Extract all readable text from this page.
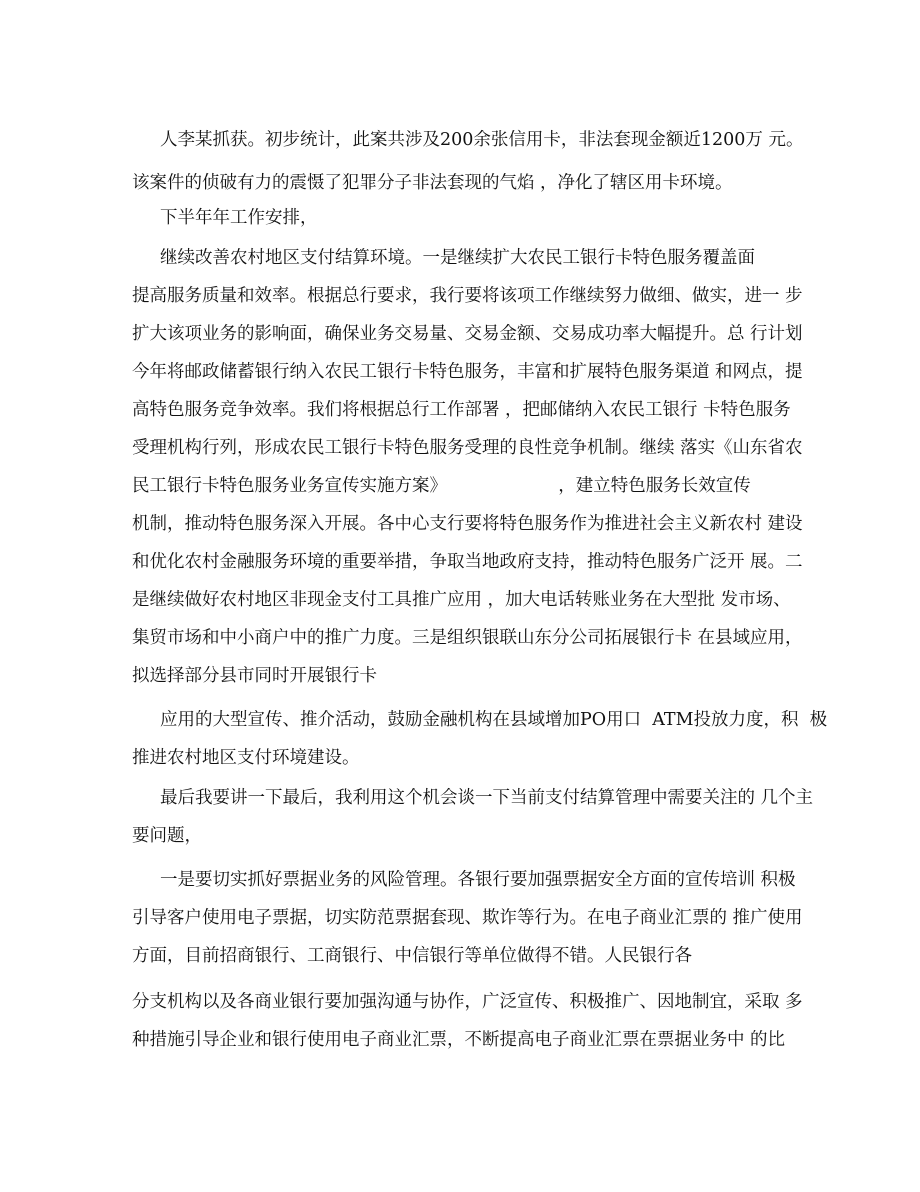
人李某抓获。初步统计，此案共涉及200余张信用卡，非法套现金额近1200万 元。
该案件的侦破有力的震慑了犯罪分子非法套现的气焰 ，净化了辖区用卡环境。
下半年年工作安排，
继续改善农村地区支付结算环境。一是继续扩大农民工银行卡特色服务覆盖面
提高服务质量和效率。根据总行要求，我行要将该项工作继续努力做细、做实，进一 步
扩大该项业务的影响面，确保业务交易量、交易金额、交易成功率大幅提升。总 行计划
今年将邮政储蓄银行纳入农民工银行卡特色服务，丰富和扩展特色服务渠道 和网点，提
高特色服务竞争效率。我们将根据总行工作部署 ，把邮储纳入农民工银行 卡特色服务
受理机构行列，形成农民工银行卡特色服务受理的良性竞争机制。继续 落实《山东省农
民工银行卡特色服务业务宣传实施方案》                    ，建立特色服务长效宣传
机制，推动特色服务深入开展。各中心支行要将特色服务作为推进社会主义新农村 建设
和优化农村金融服务环境的重要举措，争取当地政府支持，推动特色服务广泛开 展。二
是继续做好农村地区非现金支付工具推广应用 ，加大电话转账业务在大型批 发市场、
集贸市场和中小商户中的推广力度。三是组织银联山东分公司拓展银行卡 在县域应用，
拟选择部分县市同时开展银行卡
应用的大型宣传、推介活动，鼓励金融机构在县域增加PO用口  ATM投放力度，积  极
推进农村地区支付环境建设。
最后我要讲一下最后，我利用这个机会谈一下当前支付结算管理中需要关注的 几个主
要问题，
一是要切实抓好票据业务的风险管理。各银行要加强票据安全方面的宣传培训 积极
引导客户使用电子票据，切实防范票据套现、欺诈等行为。在电子商业汇票的 推广使用
方面，目前招商银行、工商银行、中信银行等单位做得不错。人民银行各
分支机构以及各商业银行要加强沟通与协作，广泛宣传、积极推广、因地制宜，采取 多
种措施引导企业和银行使用电子商业汇票，不断提高电子商业汇票在票据业务中 的比
